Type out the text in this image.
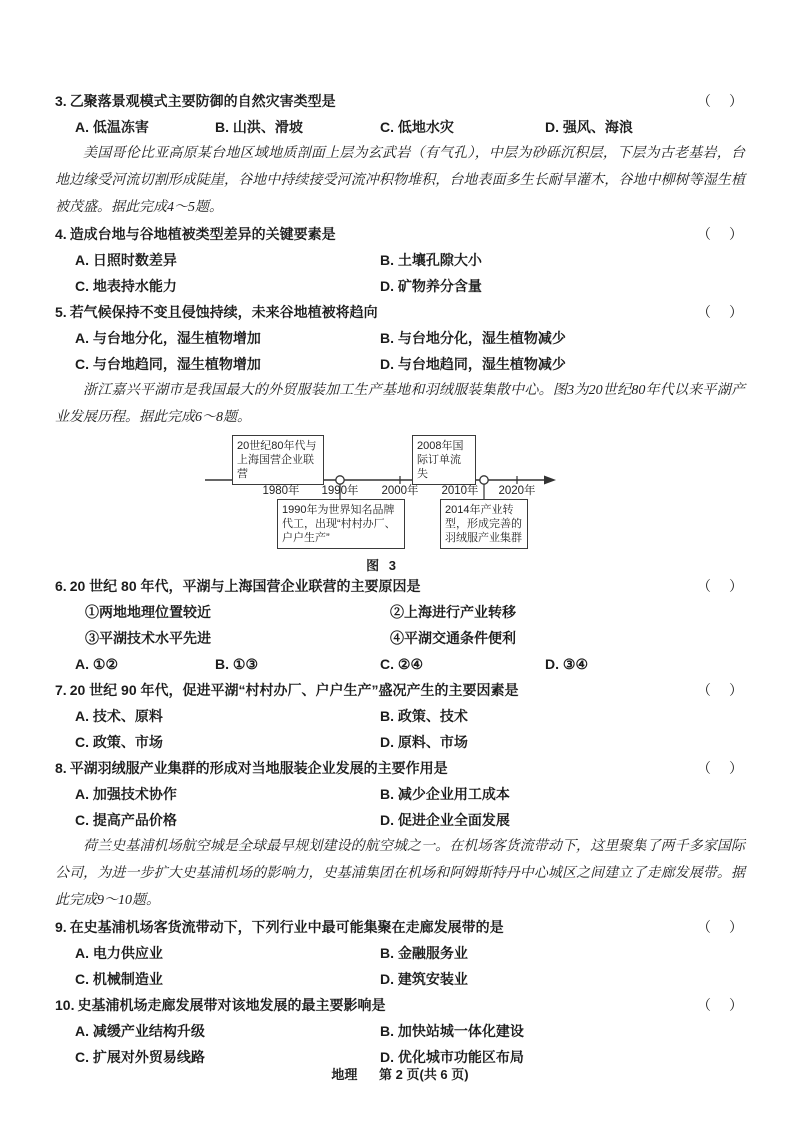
3. 乙聚落景观模式主要防御的自然灾害类型是	（　）
A. 低温冻害	B. 山洪、滑坡	C. 低地水灾	D. 强风、海浪

美国哥伦比亚高原某台地区域地质剖面上层为玄武岩（有气孔），中层为砂砾沉积层，下层为古老基岩，台地边缘受河流切割形成陡崖，谷地中持续接受河流冲积物堆积，台地表面多生长耐旱灌木，谷地中柳树等湿生植被茂盛。据此完成4～5题。

4. 造成台地与谷地植被类型差异的关键要素是	（　）
A. 日照时数差异	B. 土壤孔隙大小
C. 地表持水能力	D. 矿物养分含量
5. 若气候保持不变且侵蚀持续，未来谷地植被将趋向	（　）
A. 与台地分化，湿生植物增加	B. 与台地分化，湿生植物减少
C. 与台地趋同，湿生植物增加	D. 与台地趋同，湿生植物减少

浙江嘉兴平湖市是我国最大的外贸服装加工生产基地和羽绒服装集散中心。图3为20世纪80年代以来平湖产业发展历程。据此完成6～8题。

20世纪80年代与上海国营企业联营
2008年国际订单流失
1990年为世界知名品牌代工，出现“村村办厂、户户生产”
2014年产业转型，形成完善的羽绒服产业集群
1980年 1990年 2000年 2010年 2020年
图 3
6. 20 世纪 80 年代，平湖与上海国营企业联营的主要原因是	（　）
①两地地理位置较近	②上海进行产业转移
③平湖技术水平先进	④平湖交通条件便利
A. ①②	B. ①③	C. ②④	D. ③④
7. 20 世纪 90 年代，促进平湖“村村办厂、户户生产”盛况产生的主要因素是	（　）
A. 技术、原料	B. 政策、技术
C. 政策、市场	D. 原料、市场
8. 平湖羽绒服产业集群的形成对当地服装企业发展的主要作用是	（　）
A. 加强技术协作	B. 减少企业用工成本
C. 提高产品价格	D. 促进企业全面发展

荷兰史基浦机场航空城是全球最早规划建设的航空城之一。在机场客货流带动下，这里聚集了两千多家国际公司，为进一步扩大史基浦机场的影响力，史基浦集团在机场和阿姆斯特丹中心城区之间建立了走廊发展带。据此完成9～10题。

9. 在史基浦机场客货流带动下，下列行业中最可能集聚在走廊发展带的是	（　）
A. 电力供应业	B. 金融服务业
C. 机械制造业	D. 建筑安装业
10. 史基浦机场走廊发展带对该地发展的最主要影响是	（　）
A. 减缓产业结构升级	B. 加快站城一体化建设
C. 扩展对外贸易线路	D. 优化城市功能区布局
地理 第 2 页(共 6 页)
